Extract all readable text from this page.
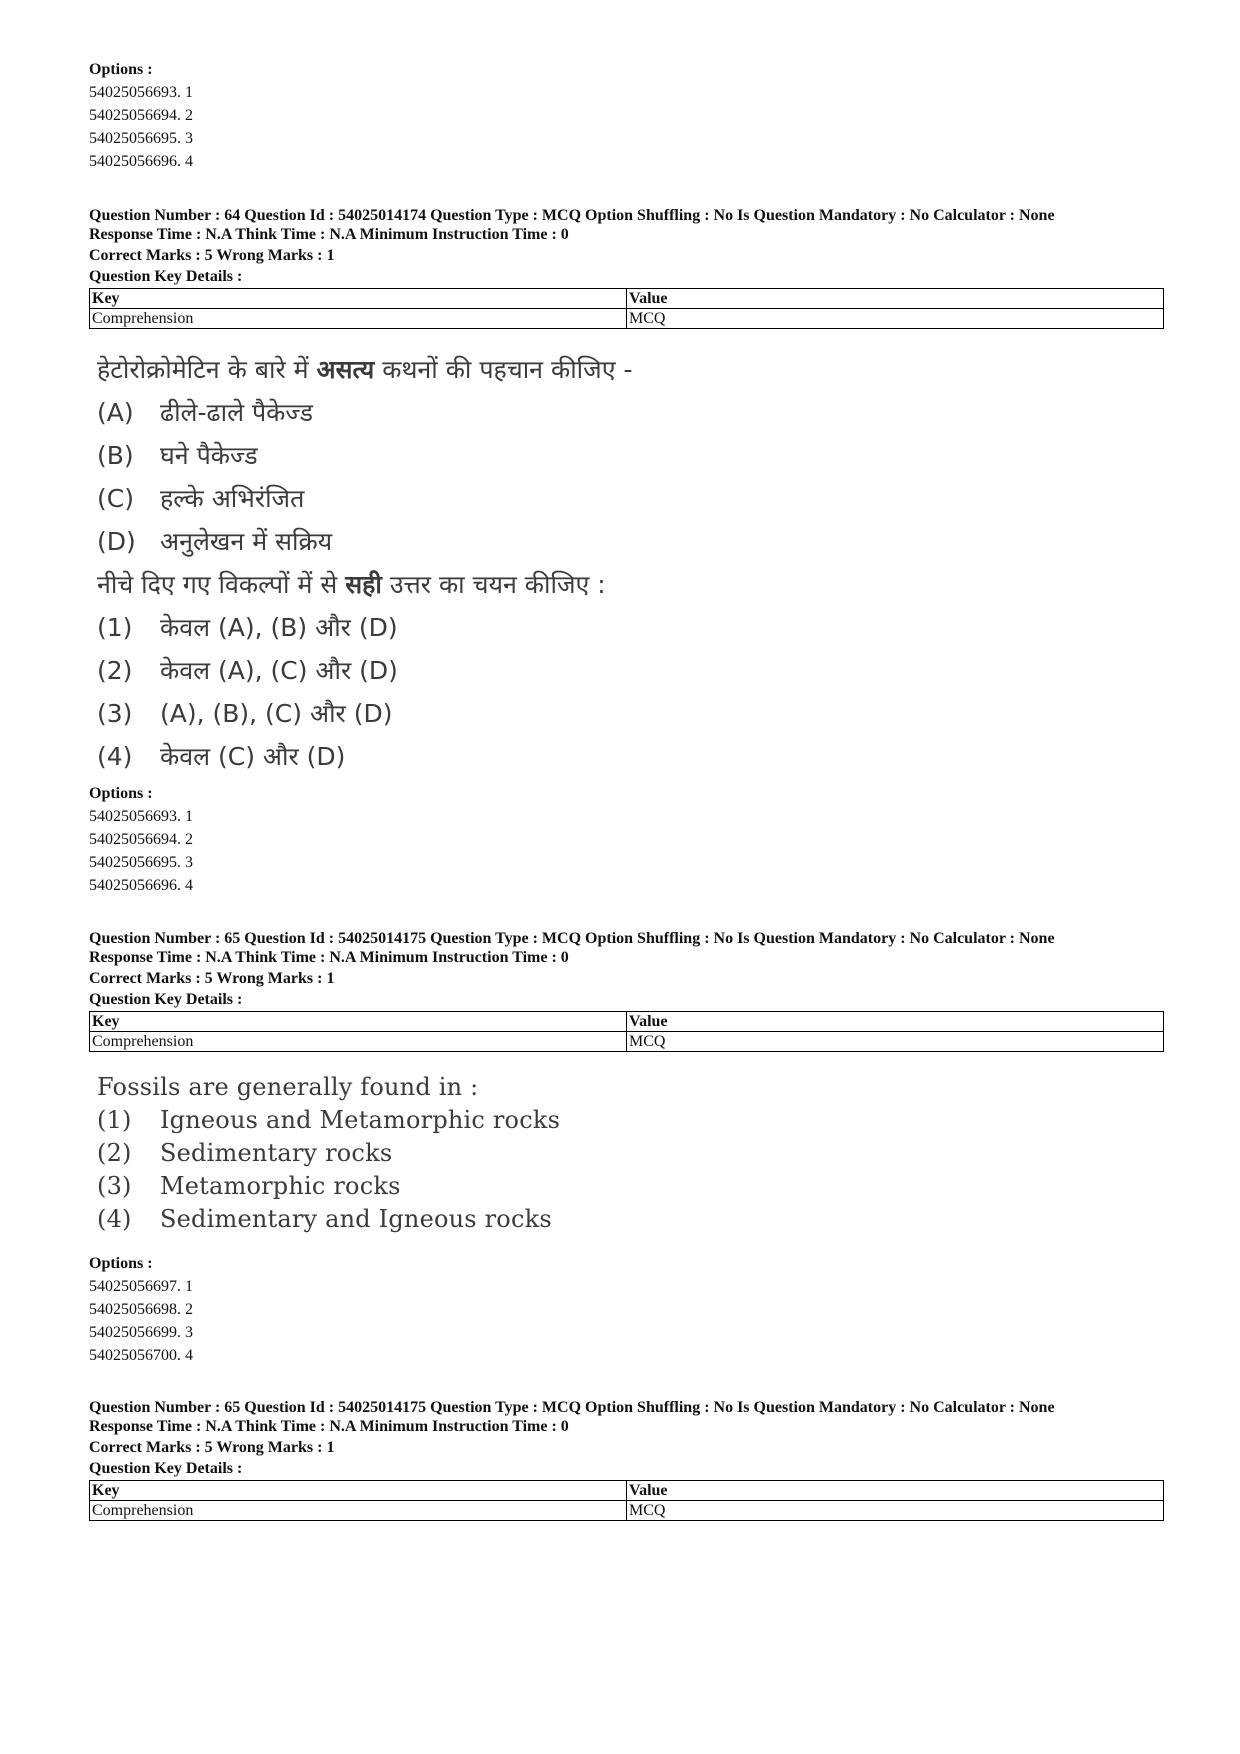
Options :
54025056693. 1
54025056694. 2
54025056695. 3
54025056696. 4
Question Number : 64 Question Id : 54025014174 Question Type : MCQ Option Shuffling : No Is Question Mandatory : No Calculator : None
Response Time : N.A Think Time : N.A Minimum Instruction Time : 0
Correct Marks : 5 Wrong Marks : 1
Question Key Details :
Key	Value
Comprehension	MCQ
हेटोरोक्रोमेटिन के बारे में असत्य कथनों की पहचान कीजिए -
(A) ढीले-ढाले पैकेज्ड
(B) घने पैकेज्ड
(C) हल्के अभिरंजित
(D) अनुलेखन में सक्रिय
नीचे दिए गए विकल्पों में से सही उत्तर का चयन कीजिए :
(1) केवल (A), (B) और (D)
(2) केवल (A), (C) और (D)
(3) (A), (B), (C) और (D)
(4) केवल (C) और (D)
Options :
54025056693. 1
54025056694. 2
54025056695. 3
54025056696. 4
Question Number : 65 Question Id : 54025014175 Question Type : MCQ Option Shuffling : No Is Question Mandatory : No Calculator : None
Response Time : N.A Think Time : N.A Minimum Instruction Time : 0
Correct Marks : 5 Wrong Marks : 1
Question Key Details :
Key	Value
Comprehension	MCQ
Fossils are generally found in :
(1) Igneous and Metamorphic rocks
(2) Sedimentary rocks
(3) Metamorphic rocks
(4) Sedimentary and Igneous rocks
Options :
54025056697. 1
54025056698. 2
54025056699. 3
54025056700. 4
Question Number : 65 Question Id : 54025014175 Question Type : MCQ Option Shuffling : No Is Question Mandatory : No Calculator : None
Response Time : N.A Think Time : N.A Minimum Instruction Time : 0
Correct Marks : 5 Wrong Marks : 1
Question Key Details :
Key	Value
Comprehension	MCQ
